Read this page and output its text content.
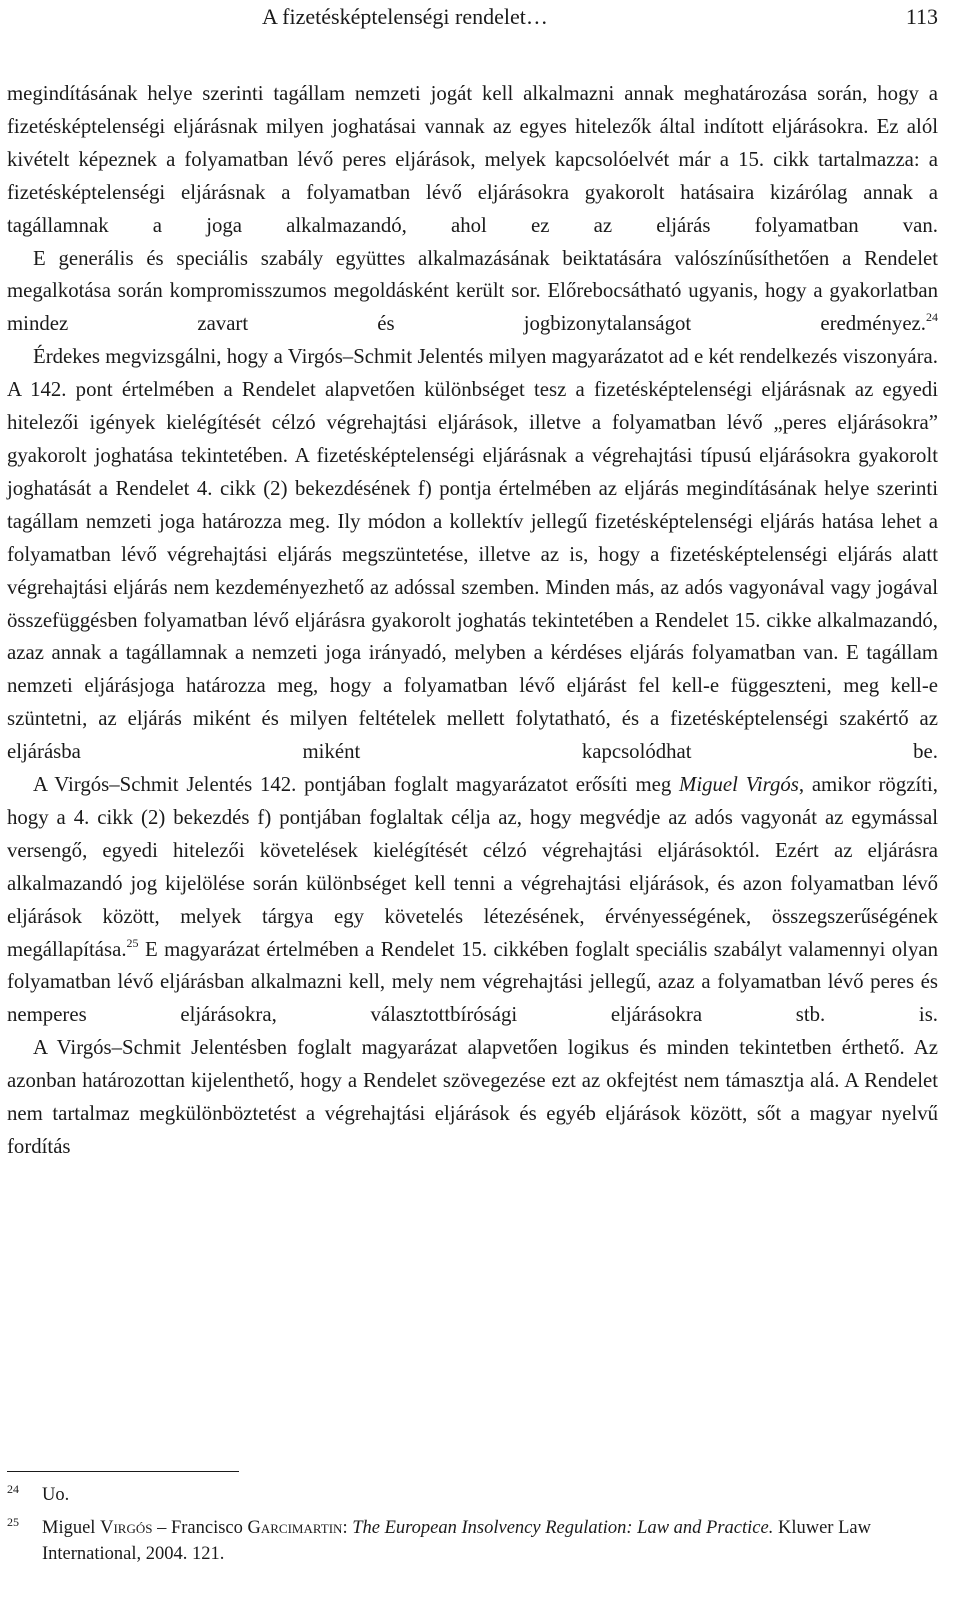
A fizetésképtelenségi rendelet…	113

megindításának helye szerinti tagállam nemzeti jogát kell alkalmazni annak meghatározása során, hogy a fizetésképtelenségi eljárásnak milyen joghatásai vannak az egyes hitelezők által indított eljárásokra. Ez alól kivételt képeznek a folyamatban lévő peres eljárások, melyek kapcsolóelvét már a 15. cikk tartalmazza: a fizetésképtelenségi eljárásnak a folyamatban lévő eljárásokra gyakorolt hatásaira kizárólag annak a tagállamnak a joga alkalmazandó, ahol ez az eljárás folyamatban van.

E generális és speciális szabály együttes alkalmazásának beiktatására valószínűsíthetően a Rendelet megalkotása során kompromisszumos megoldásként került sor. Előrebocsátható ugyanis, hogy a gyakorlatban mindez zavart és jogbizonytalanságot eredményez.$^{24}$

Érdekes megvizsgálni, hogy a Virgós–Schmit Jelentés milyen magyarázatot ad e két rendelkezés viszonyára. A 142. pont értelmében a Rendelet alapvetően különbséget tesz a fizetésképtelenségi eljárásnak az egyedi hitelezői igények kielégítését célzó végrehajtási eljárások, illetve a folyamatban lévő „peres eljárásokra” gyakorolt joghatása tekintetében. A fizetésképtelenségi eljárásnak a végrehajtási típusú eljárásokra gyakorolt joghatását a Rendelet 4. cikk (2) bekezdésének f) pontja értelmében az eljárás megindításának helye szerinti tagállam nemzeti joga határozza meg. Ily módon a kollektív jellegű fizetésképtelenségi eljárás hatása lehet a folyamatban lévő végrehajtási eljárás megszüntetése, illetve az is, hogy a fizetésképtelenségi eljárás alatt végrehajtási eljárás nem kezdeményezhető az adóssal szemben. Minden más, az adós vagyonával vagy jogával összefüggésben folyamatban lévő eljárásra gyakorolt joghatás tekintetében a Rendelet 15. cikke alkalmazandó, azaz annak a tagállamnak a nemzeti joga irányadó, melyben a kérdéses eljárás folyamatban van. E tagállam nemzeti eljárásjoga határozza meg, hogy a folyamatban lévő eljárást fel kell-e függeszteni, meg kell-e szüntetni, az eljárás miként és milyen feltételek mellett folytatható, és a fizetésképtelenségi szakértő az eljárásba miként kapcsolódhat be.

A Virgós–Schmit Jelentés 142. pontjában foglalt magyarázatot erősíti meg Miguel Virgós, amikor rögzíti, hogy a 4. cikk (2) bekezdés f) pontjában foglaltak célja az, hogy megvédje az adós vagyonát az egymással versengő, egyedi hitelezői követelések kielégítését célzó végrehajtási eljárásoktól. Ezért az eljárásra alkalmazandó jog kijelölése során különbséget kell tenni a végrehajtási eljárások, és azon folyamatban lévő eljárások között, melyek tárgya egy követelés létezésének, érvényességének, összegszerűségének megállapítása.$^{25}$ E magyarázat értelmében a Rendelet 15. cikkében foglalt speciális szabályt valamennyi olyan folyamatban lévő eljárásban alkalmazni kell, mely nem végrehajtási jellegű, azaz a folyamatban lévő peres és nemperes eljárásokra, választottbírósági eljárásokra stb. is.

A Virgós–Schmit Jelentésben foglalt magyarázat alapvetően logikus és minden tekintetben érthető. Az azonban határozottan kijelenthető, hogy a Rendelet szövegezése ezt az okfejtést nem támasztja alá. A Rendelet nem tartalmaz megkülönböztetést a végrehajtási eljárások és egyéb eljárások között, sőt a magyar nyelvű fordítás

24 Uo.
25 Miguel Virgós – Francisco Garcimartin: The European Insolvency Regulation: Law and Practice. Kluwer Law International, 2004. 121.
